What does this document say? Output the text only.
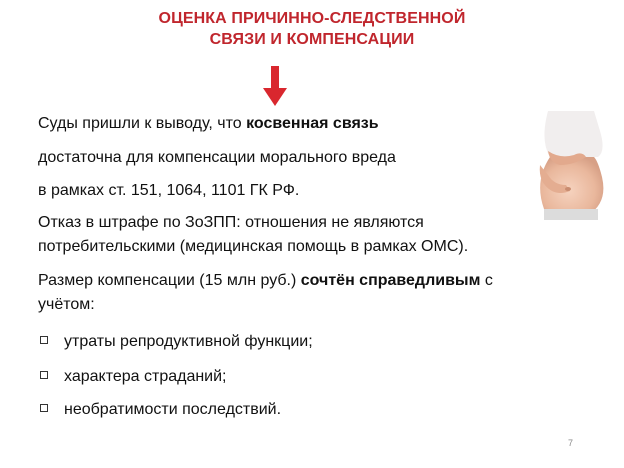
ОЦЕНКА ПРИЧИННО-СЛЕДСТВЕННОЙ
СВЯЗИ И КОМПЕНСАЦИИ
Суды пришли к выводу, что косвенная связь
достаточна для компенсации морального вреда
в рамках ст. 151, 1064, 1101 ГК РФ.
Отказ в штрафе по ЗоЗПП: отношения не являются
потребительскими (медицинская помощь в рамках ОМС).
Размер компенсации (15 млн руб.) сочтён справедливым с
учётом:
утраты репродуктивной функции;
характера страданий;
необратимости последствий.
7
